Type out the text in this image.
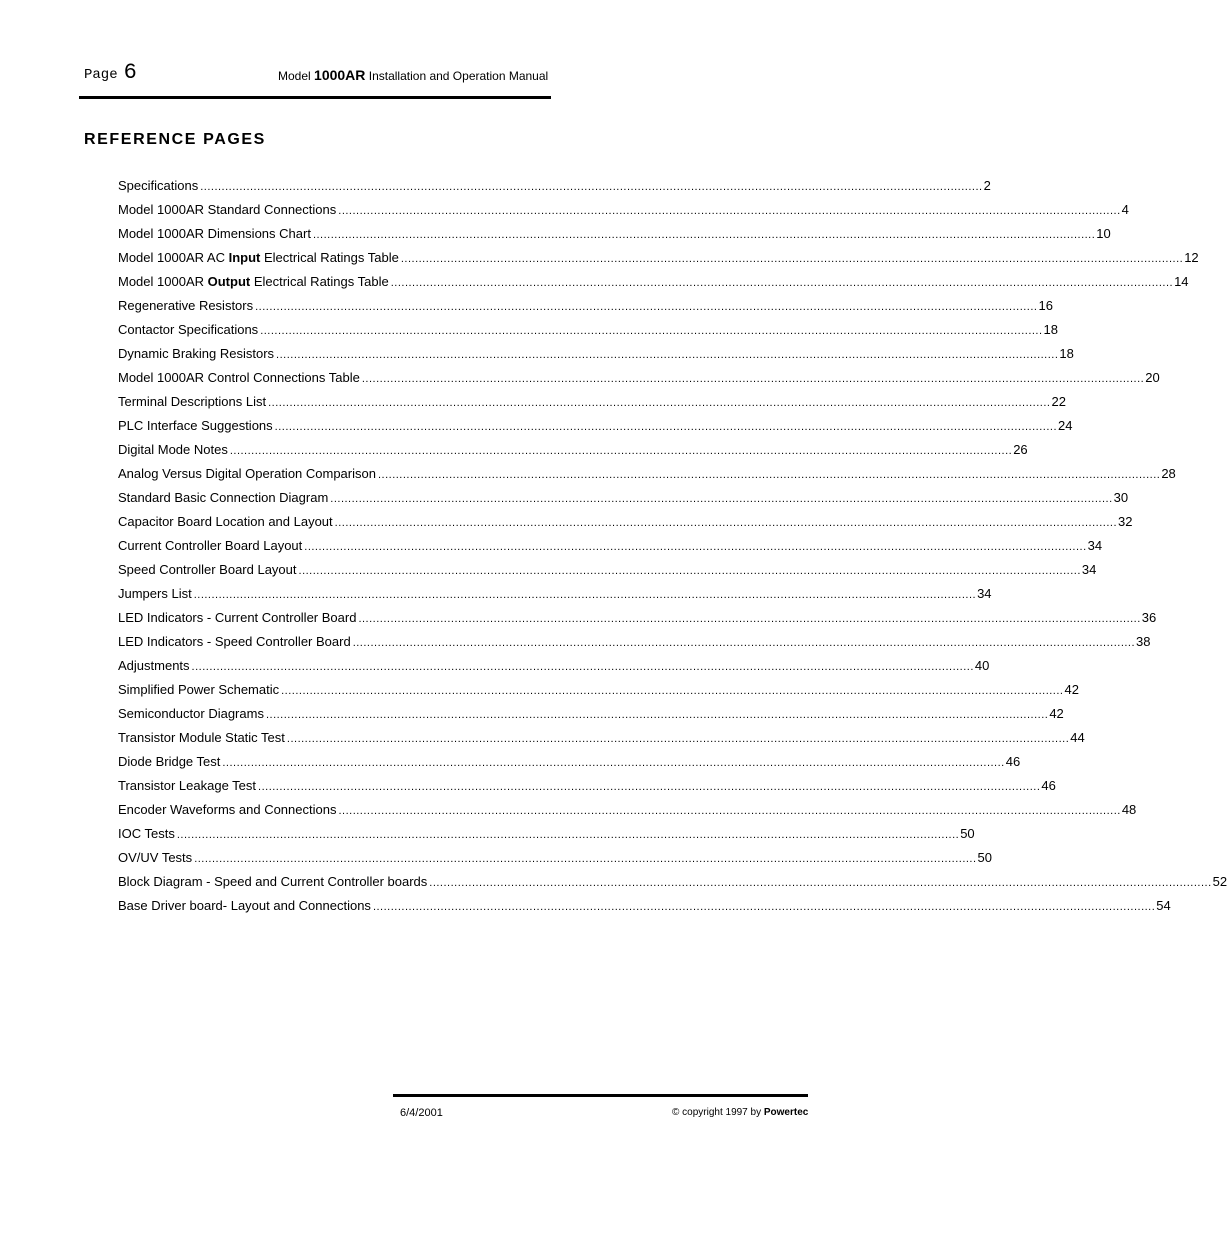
Page 6	Model 1000AR Installation and Operation Manual
REFERENCE PAGES
Specifications ............................................................................................................................................................................................................................ 2
Model 1000AR Standard Connections ............................................................................................................................................................................................................................ 4
Model 1000AR Dimensions Chart ............................................................................................................................................................................................................................ 10
Model 1000AR AC Input Electrical Ratings Table ............................................................................................................................................................................................................................ 12
Model 1000AR Output Electrical Ratings Table ............................................................................................................................................................................................................................ 14
Regenerative Resistors ............................................................................................................................................................................................................................ 16
Contactor Specifications ............................................................................................................................................................................................................................ 18
Dynamic Braking Resistors ............................................................................................................................................................................................................................ 18
Model 1000AR Control Connections Table ............................................................................................................................................................................................................................ 20
Terminal Descriptions List ............................................................................................................................................................................................................................ 22
PLC Interface Suggestions ............................................................................................................................................................................................................................ 24
Digital Mode Notes ............................................................................................................................................................................................................................ 26
Analog Versus Digital Operation Comparison ............................................................................................................................................................................................................................ 28
Standard Basic Connection Diagram ............................................................................................................................................................................................................................ 30
Capacitor Board Location and Layout ............................................................................................................................................................................................................................ 32
Current Controller Board Layout ............................................................................................................................................................................................................................ 34
Speed Controller Board Layout ............................................................................................................................................................................................................................ 34
Jumpers List ............................................................................................................................................................................................................................ 34
LED Indicators - Current Controller Board ............................................................................................................................................................................................................................ 36
LED Indicators - Speed Controller Board ............................................................................................................................................................................................................................ 38
Adjustments ............................................................................................................................................................................................................................ 40
Simplified Power Schematic ............................................................................................................................................................................................................................ 42
Semiconductor Diagrams ............................................................................................................................................................................................................................ 42
Transistor Module Static Test ............................................................................................................................................................................................................................ 44
Diode Bridge Test ............................................................................................................................................................................................................................ 46
Transistor Leakage Test ............................................................................................................................................................................................................................ 46
Encoder Waveforms and Connections ............................................................................................................................................................................................................................ 48
IOC Tests ............................................................................................................................................................................................................................ 50
OV/UV Tests ............................................................................................................................................................................................................................ 50
Block Diagram - Speed and Current Controller boards ............................................................................................................................................................................................................................ 52
Base Driver board- Layout and Connections ............................................................................................................................................................................................................................ 54
6/4/2001	© copyright 1997 by Powertec
